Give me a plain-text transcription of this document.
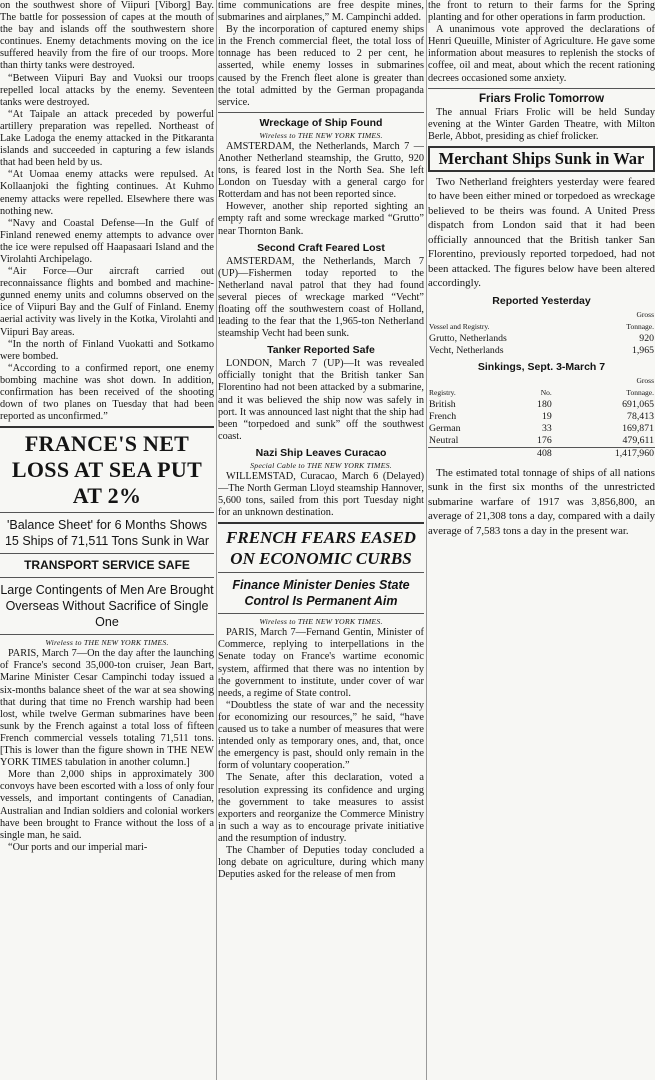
on the southwest shore of Viipuri [Viborg] Bay. The battle for possession of capes at the mouth of the bay and islands off the southwestern shore continues. Enemy detachments moving on the ice suffered heavily from the fire of our troops. More than thirty tanks were destroyed.

“Between Viipuri Bay and Vuoksi our troops repelled local attacks by the enemy. Seventeen tanks were destroyed.

“At Taipale an attack preceded by powerful artillery preparation was repelled. Northeast of Lake Ladoga the enemy attacked in the Pitkaranta islands and succeeded in capturing a few islands that had been held by us.

“At Uomaa enemy attacks were repulsed. At Kollaanjoki the fighting continues. At Kuhmo enemy attacks were repelled. Elsewhere there was nothing new.

“Navy and Coastal Defense—In the Gulf of Finland renewed enemy attempts to advance over the ice were repulsed off Haapasaari Island and the Virolahti Archipelago.

“Air Force—Our aircraft carried out reconnaissance flights and bombed and machine-gunned enemy units and columns observed on the ice of Viipuri Bay and the Gulf of Finland. Enemy aerial activity was lively in the Kotka, Virolahti and Viipuri Bay areas.

“In the north of Finland Vuokatti and Sotkamo were bombed.

“According to a confirmed report, one enemy bombing machine was shot down. In addition, confirmation has been received of the shooting down of two planes on Tuesday that had been reported as unconfirmed.”

FRANCE'S NET LOSS AT SEA PUT AT 2%
'Balance Sheet' for 6 Months Shows 15 Ships of 71,511 Tons Sunk in War
TRANSPORT SERVICE SAFE
Large Contingents of Men Are Brought Overseas Without Sacrifice of Single One
Wireless to THE NEW YORK TIMES.

PARIS, March 7—On the day after the launching of France's second 35,000-ton cruiser, Jean Bart, Marine Minister Cesar Campinchi today issued a six-months balance sheet of the war at sea showing that during that time no French warship had been lost, while twelve German submarines have been sunk by the French against a total loss of fifteen French commercial vessels totaling 71,511 tons. [This is lower than the figure shown in THE NEW YORK TIMES tabulation in another column.]

More than 2,000 ships in approximately 300 convoys have been escorted with a loss of only four vessels, and important contingents of Canadian, Australian and Indian soldiers and colonial workers have been brought to France without the loss of a single man, he said.

“Our ports and our imperial mari-

time communications are free despite mines, submarines and airplanes,” M. Campinchi added.

By the incorporation of captured enemy ships in the French commercial fleet, the total loss of tonnage has been reduced to 2 per cent, he asserted, while enemy losses in submarines caused by the French fleet alone is greater than the total admitted by the German propaganda service.

Wreckage of Ship Found
Wireless to THE NEW YORK TIMES.

AMSTERDAM, the Netherlands, March 7 — Another Netherland steamship, the Grutto, 920 tons, is feared lost in the North Sea. She left London on Tuesday with a general cargo for Rotterdam and has not been reported since.

However, another ship reported sighting an empty raft and some wreckage marked “Grutto” near Thornton Bank.

Second Craft Feared Lost

AMSTERDAM, the Netherlands, March 7 (UP)—Fishermen today reported to the Netherland naval patrol that they had found several pieces of wreckage marked “Vecht” floating off the southwestern coast of Holland, leading to the fear that the 1,965-ton Netherland steamship Vecht had been sunk.

Tanker Reported Safe

LONDON, March 7 (UP)—It was revealed officially tonight that the British tanker San Florentino had not been attacked by a submarine, and it was believed the ship now was safely in port. It was announced last night that the ship had been “torpedoed and sunk” off the southwest coast.

Nazi Ship Leaves Curacao
Special Cable to THE NEW YORK TIMES.

WILLEMSTAD, Curacao, March 6 (Delayed)—The North German Lloyd steamship Hannover, 5,600 tons, sailed from this port Tuesday night for an unknown destination.

FRENCH FEARS EASED ON ECONOMIC CURBS
Finance Minister Denies State Control Is Permanent Aim
Wireless to THE NEW YORK TIMES.

PARIS, March 7—Fernand Gentin, Minister of Commerce, replying to interpellations in the Senate today on France's wartime economic system, affirmed that there was no intention by the government to institute, under cover of war needs, a regime of State control.

“Doubtless the state of war and the necessity for economizing our resources,” he said, “have caused us to take a number of measures that were intended only as temporary ones, and, that, once the emergency is past, should only remain in the form of voluntary cooperation.”

The Senate, after this declaration, voted a resolution expressing its confidence and urging the government to take measures to assist exporters and reorganize the Commerce Ministry in such a way as to encourage private initiative and the resumption of industry.

The Chamber of Deputies today concluded a long debate on agriculture, during which many Deputies asked for the release of men from

the front to return to their farms for the Spring planting and for other operations in farm production.

A unanimous vote approved the declarations of Henri Queuille, Minister of Agriculture. He gave some information about measures to replenish the stocks of coffee, oil and meat, about which the recent rationing decrees occasioned some anxiety.

Friars Frolic Tomorrow

The annual Friars Frolic will be held Sunday evening at the Winter Garden Theatre, with Milton Berle, Abbot, presiding as chief frolicker.

Merchant Ships Sunk in War

Two Netherland freighters yesterday were feared to have been either mined or torpedoed as wreckage believed to be theirs was found. A United Press dispatch from London said that it had been officially announced that the British tanker San Florentino, previously reported torpedoed, had not been attacked. The figures below have been altered accordingly.

Reported Yesterday
	Gross
Vessel and Registry.	Tonnage.
Grutto, Netherlands	920
Vecht, Netherlands	1,965
Sinkings, Sept. 3-March 7
		Gross
Registry.	No.	Tonnage.
British	180	691,065
French	19	78,413
German	33	169,871
Neutral	176	479,611
	408	1,417,960

The estimated total tonnage of ships of all nations sunk in the first six months of the unrestricted submarine warfare of 1917 was 3,856,800, an average of 21,308 tons a day, compared with a daily average of 7,583 tons a day in the present war.
